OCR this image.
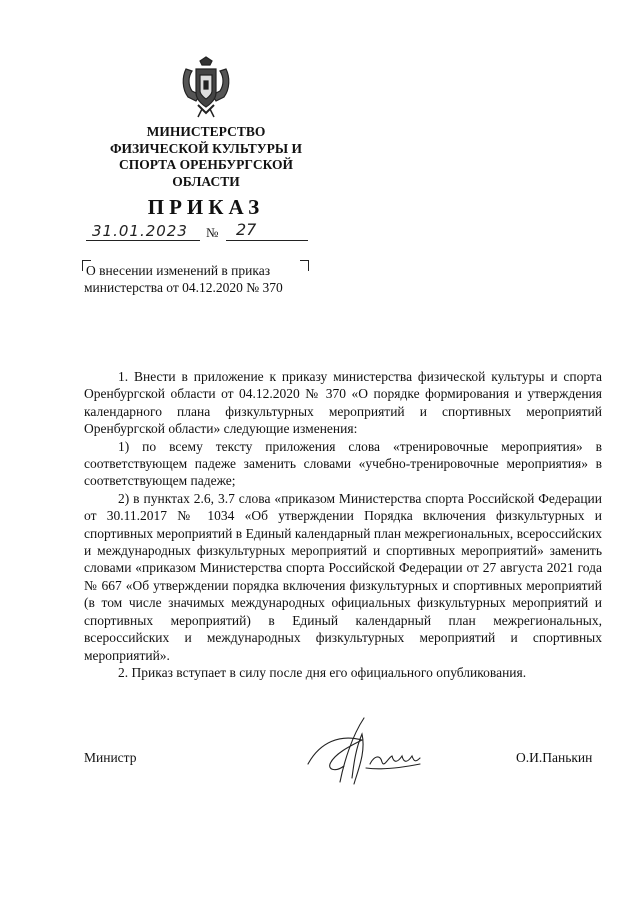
МИНИСТЕРСТВО
ФИЗИЧЕСКОЙ КУЛЬТУРЫ И
СПОРТА ОРЕНБУРГСКОЙ
ОБЛАСТИ
ПРИКАЗ
31.01.2023 № 27
О внесении изменений в приказ
министерства от 04.12.2020 № 370

1. Внести в приложение к приказу министерства физической культуры и спорта Оренбургской области от 04.12.2020 № 370 «О порядке формирования и утверждения календарного плана физкультурных мероприятий и спортивных мероприятий Оренбургской области» следующие изменения:

1) по всему тексту приложения слова «тренировочные мероприятия» в соответствующем падеже заменить словами «учебно-тренировочные мероприятия» в соответствующем падеже;

2) в пунктах 2.6, 3.7 слова «приказом Министерства спорта Российской Федерации от 30.11.2017 № 1034 «Об утверждении Порядка включения физкультурных и спортивных мероприятий в Единый календарный план межрегиональных, всероссийских и международных физкультурных мероприятий и спортивных мероприятий» заменить словами «приказом Министерства спорта Российской Федерации от 27 августа 2021 года № 667 «Об утверждении порядка включения физкультурных и спортивных мероприятий (в том числе значимых международных официальных физкультурных мероприятий и спортивных мероприятий) в Единый календарный план межрегиональных, всероссийских и международных физкультурных мероприятий и спортивных мероприятий».

2. Приказ вступает в силу после дня его официального опубликования.

Министр	О.И.Панькин
